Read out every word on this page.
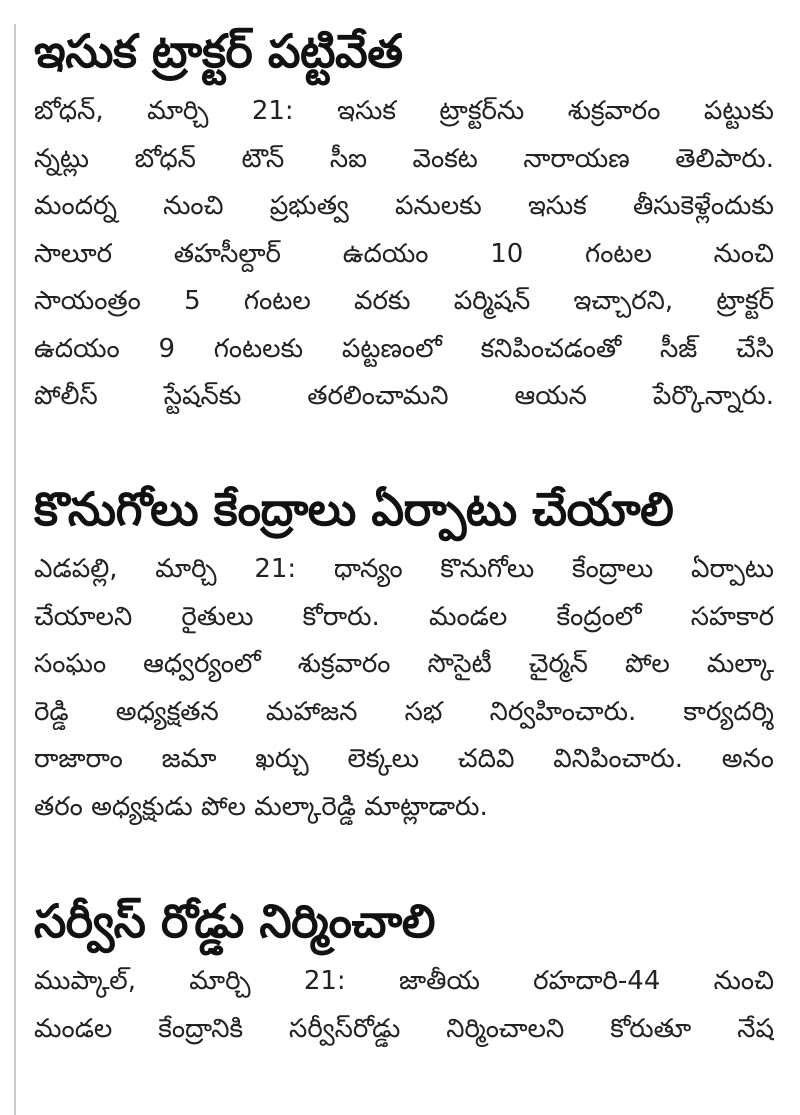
ఇసుక ట్రాక్టర్ పట్టివేత
బోధన్, మార్చి 21: ఇసుక ట్రాక్టర్‌ను శుక్రవారం పట్టుకు
న్నట్లు బోధన్ టౌన్ సీఐ వెంకట నారాయణ తెలిపారు.
మందర్న నుంచి ప్రభుత్వ పనులకు ఇసుక తీసుకెళ్లేందుకు
సాలూర తహసీల్దార్ ఉదయం 10 గంటల నుంచి
సాయంత్రం 5 గంటల వరకు పర్మిషన్ ఇచ్చారని, ట్రాక్టర్
ఉదయం 9 గంటలకు పట్టణంలో కనిపించడంతో సీజ్ చేసి
పోలీస్ స్టేషన్‌కు తరలించామని ఆయన పేర్కొన్నారు.
కొనుగోలు కేంద్రాలు ఏర్పాటు చేయాలి
ఎడపల్లి, మార్చి 21: ధాన్యం కొనుగోలు కేంద్రాలు ఏర్పాటు
చేయాలని రైతులు కోరారు. మండల కేంద్రంలో సహకార
సంఘం ఆధ్వర్యంలో శుక్రవారం సొసైటీ చైర్మన్ పోల మల్కా
రెడ్డి అధ్యక్షతన మహాజన సభ నిర్వహించారు. కార్యదర్శి
రాజారాం జమా ఖర్చు లెక్కలు చదివి వినిపించారు. అనం
తరం అధ్యక్షుడు పోల మల్కారెడ్డి మాట్లాడారు.
సర్వీస్ రోడ్డు నిర్మించాలి
ముప్కాల్, మార్చి 21: జాతీయ రహదారి-44 నుంచి
మండల కేంద్రానికి సర్వీస్‌రోడ్డు నిర్మించాలని కోరుతూ నేష
